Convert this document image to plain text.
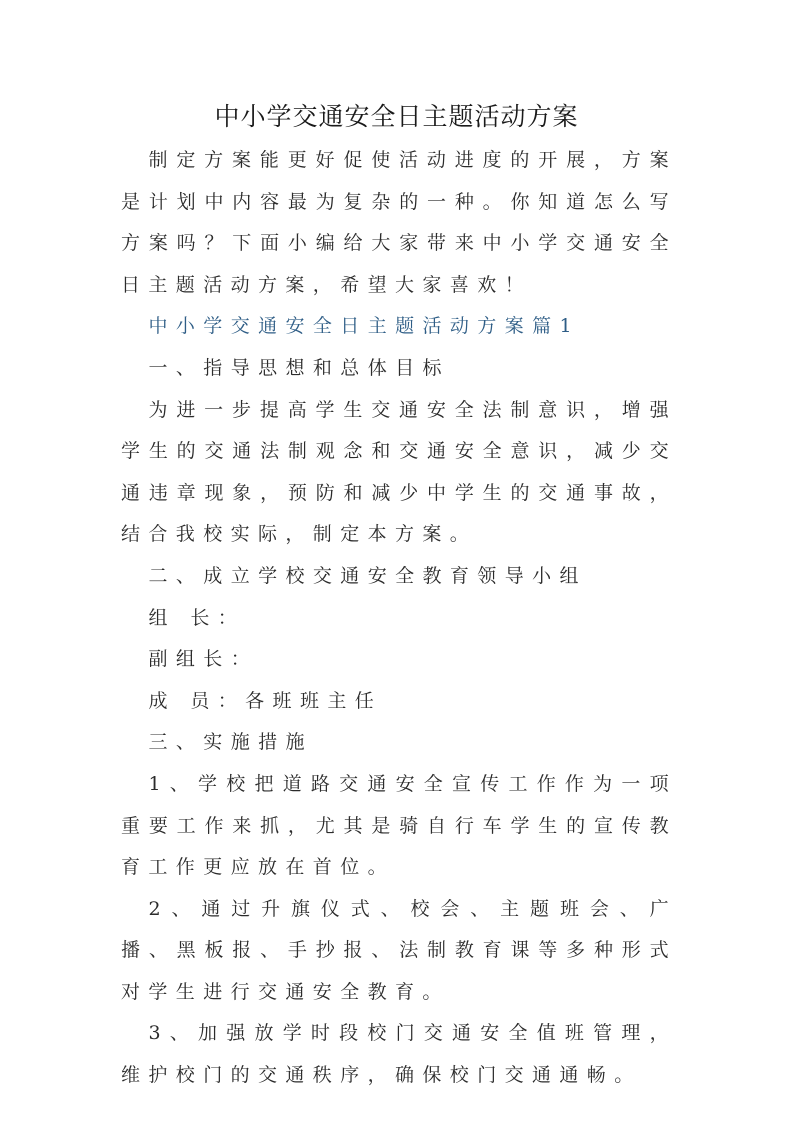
中小学交通安全日主题活动方案

制定方案能更好促使活动进度的开展，方案是计划中内容最为复杂的一种。你知道怎么写方案吗？下面小编给大家带来中小学交通安全日主题活动方案，希望大家喜欢！

中小学交通安全日主题活动方案篇1

一、指导思想和总体目标

为进一步提高学生交通安全法制意识，增强学生的交通法制观念和交通安全意识，减少交通违章现象，预防和减少中学生的交通事故，结合我校实际，制定本方案。

二、成立学校交通安全教育领导小组

组 长：

副组长：

成 员：各班班主任

三、实施措施

1、学校把道路交通安全宣传工作作为一项重要工作来抓，尤其是骑自行车学生的宣传教育工作更应放在首位。

2、通过升旗仪式、校会、主题班会、广播、黑板报、手抄报、法制教育课等多种形式对学生进行交通安全教育。

3、加强放学时段校门交通安全值班管理，维护校门的交通秩序，确保校门交通通畅。
